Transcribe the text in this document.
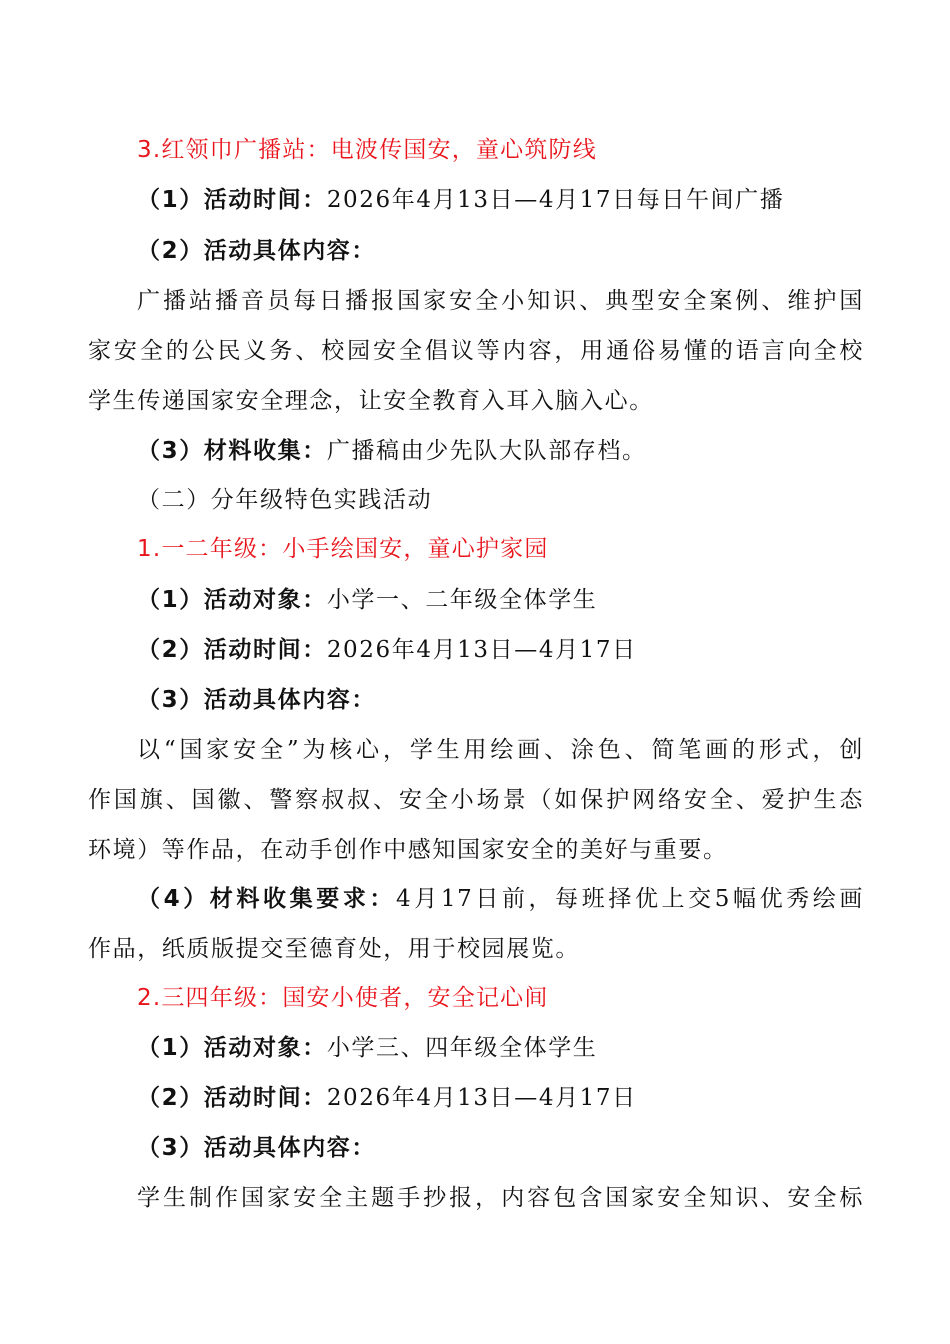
3.红领巾广播站：电波传国安，童心筑防线
（1）活动时间：2026年4月13日—4月17日每日午间广播
（2）活动具体内容：
广播站播音员每日播报国家安全小知识、典型安全案例、维护国
家安全的公民义务、校园安全倡议等内容，用通俗易懂的语言向全校
学生传递国家安全理念，让安全教育入耳入脑入心。
（3）材料收集：广播稿由少先队大队部存档。
（二）分年级特色实践活动
1.一二年级：小手绘国安，童心护家园
（1）活动对象：小学一、二年级全体学生
（2）活动时间：2026年4月13日—4月17日
（3）活动具体内容：
以“国家安全”为核心，学生用绘画、涂色、简笔画的形式，创
作国旗、国徽、警察叔叔、安全小场景（如保护网络安全、爱护生态
环境）等作品，在动手创作中感知国家安全的美好与重要。
（4）材料收集要求：4月17日前，每班择优上交5幅优秀绘画
作品，纸质版提交至德育处，用于校园展览。
2.三四年级：国安小使者，安全记心间
（1）活动对象：小学三、四年级全体学生
（2）活动时间：2026年4月13日—4月17日
（3）活动具体内容：
学生制作国家安全主题手抄报，内容包含国家安全知识、安全标
